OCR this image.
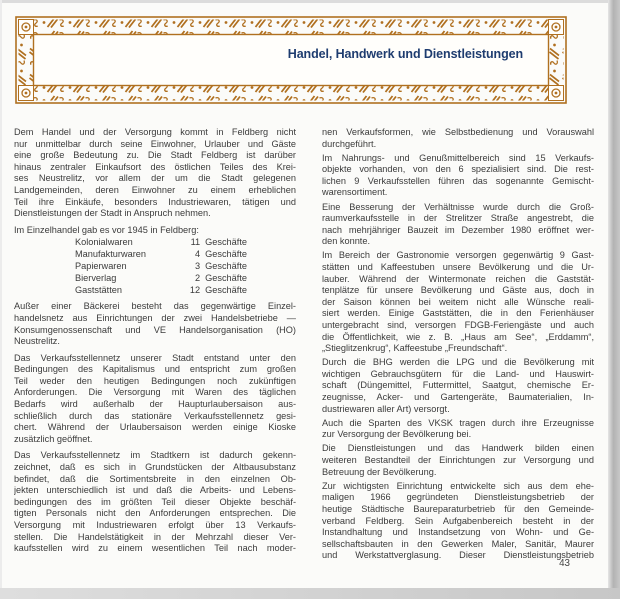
Handel, Handwerk und Dienstleistungen
Dem Handel und der Versorgung kommt in Feldberg nicht
nur unmittelbar durch seine Einwohner, Urlauber und Gäste
eine große Bedeutung zu. Die Stadt Feldberg ist darüber
hinaus zentraler Einkaufsort des östlichen Teiles des Krei-
ses Neustrelitz, vor allem der um die Stadt gelegenen
Landgemeinden, deren Einwohner zu einem erheblichen
Teil ihre Einkäufe, besonders Industriewaren, tätigen und
Dienstleistungen der Stadt in Anspruch nehmen.
Im Einzelhandel gab es vor 1945 in Feldberg:
Kolonialwaren	11 Geschäfte
Manufakturwaren	4 Geschäfte
Papierwaren	3 Geschäfte
Bierverlag	2 Geschäfte
Gaststätten	12 Geschäfte
Außer einer Bäckerei besteht das gegenwärtige Einzel-
handelsnetz aus Einrichtungen der zwei Handelsbetriebe —
Konsumgenossenschaft und VE Handelsorganisation (HO)
Neustrelitz.
Das Verkaufsstellennetz unserer Stadt entstand unter den
Bedingungen des Kapitalismus und entspricht zum großen
Teil weder den heutigen Bedingungen noch zukünftigen
Anforderungen. Die Versorgung mit Waren des täglichen
Bedarfs wird außerhalb der Haupturlaubersaison aus-
schließlich durch das stationäre Verkaufsstellennetz gesi-
chert. Während der Urlaubersaison werden einige Kioske
zusätzlich geöffnet.
Das Verkaufsstellennetz im Stadtkern ist dadurch gekenn-
zeichnet, daß es sich in Grundstücken der Altbausubstanz
befindet, daß die Sortimentsbreite in den einzelnen Ob-
jekten unterschiedlich ist und daß die Arbeits- und Lebens-
bedingungen des im größten Teil dieser Objekte beschäf-
tigten Personals nicht den Anforderungen entsprechen. Die
Versorgung mit Industriewaren erfolgt über 13 Verkaufs-
stellen. Die Handelstätigkeit in der Mehrzahl dieser Ver-
kaufsstellen wird zu einem wesentlichen Teil nach moder-
nen Verkaufsformen, wie Selbstbedienung und Vorauswahl
durchgeführt.
Im Nahrungs- und Genußmittelbereich sind 15 Verkaufs-
objekte vorhanden, von den 6 spezialisiert sind. Die rest-
lichen 9 Verkaufsstellen führen das sogenannte Gemischt-
warensortiment.
Eine Besserung der Verhältnisse wurde durch die Groß-
raumverkaufsstelle in der Strelitzer Straße angestrebt, die
nach mehrjähriger Bauzeit im Dezember 1980 eröffnet wer-
den konnte.
Im Bereich der Gastronomie versorgen gegenwärtig 9 Gast-
stätten und Kaffeestuben unsere Bevölkerung und die Ur-
lauber. Während der Wintermonate reichen die Gaststät-
tenplätze für unsere Bevölkerung und Gäste aus, doch in
der Saison können bei weitem nicht alle Wünsche reali-
siert werden. Einige Gaststätten, die in den Ferienhäuser
untergebracht sind, versorgen FDGB-Feriengäste und auch
die Öffentlichkeit, wie z. B. „Haus am See“, „Erddamm“,
„Stieglitzenkrug“, Kaffeestube „Freundschaft“.
Durch die BHG werden die LPG und die Bevölkerung mit
wichtigen Gebrauchsgütern für die Land- und Hauswirt-
schaft (Düngemittel, Futtermittel, Saatgut, chemische Er-
zeugnisse, Acker- und Gartengeräte, Baumaterialien, In-
dustriewaren aller Art) versorgt.
Auch die Sparten des VKSK tragen durch ihre Erzeugnisse
zur Versorgung der Bevölkerung bei.
Die Dienstleistungen und das Handwerk bilden einen
weiteren Bestandteil der Einrichtungen zur Versorgung und
Betreuung der Bevölkerung.
Zur wichtigsten Einrichtung entwickelte sich aus dem ehe-
maligen 1966 gegründeten Dienstleistungsbetrieb der
heutige Städtische Baureparaturbetrieb für den Gemeinde-
verband Feldberg. Sein Aufgabenbereich besteht in der
Instandhaltung und Instandsetzung von Wohn- und Ge-
sellschaftsbauten in den Gewerken Maler, Sanitär, Maurer
und Werkstattverglasung. Dieser Dienstleistungsbetrieb
43
